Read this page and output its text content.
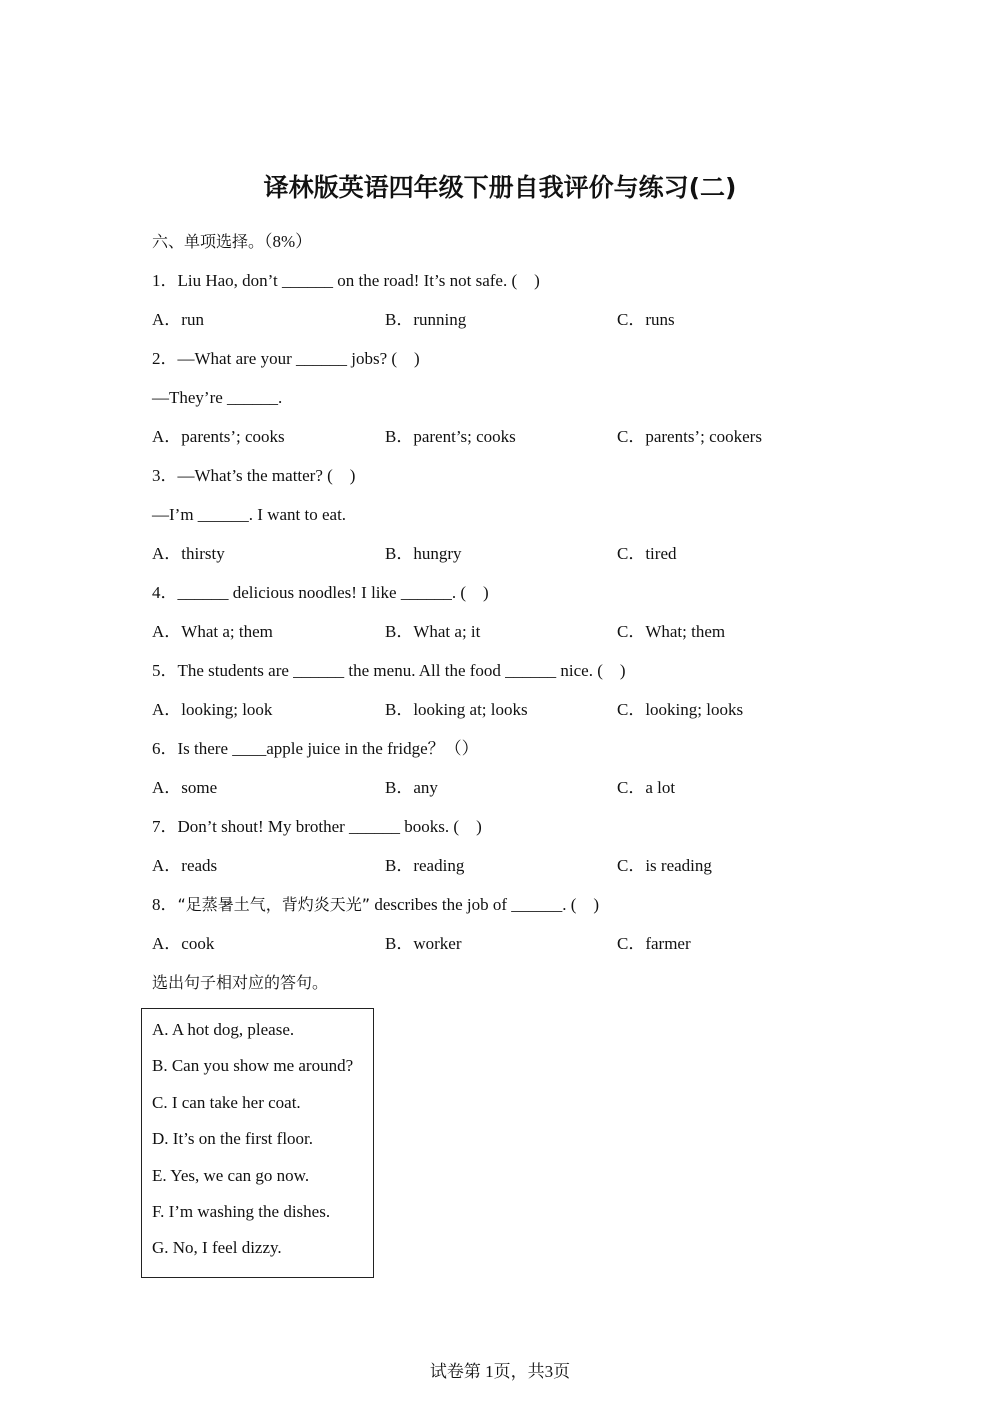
译林版英语四年级下册自我评价与练习(二)
六、单项选择。（8%）
1．Liu Hao, don’t ______ on the road! It’s not safe. (    )
A．run	B．running	C．runs
2．—What are your ______ jobs? (    )
—They’re ______.
A．parents’; cooks	B．parent’s; cooks	C．parents’; cookers
3．—What’s the matter? (    )
—I’m ______. I want to eat.
A．thirsty	B．hungry	C．tired
4．______ delicious noodles! I like ______. (    )
A．What a; them	B．What a; it	C．What; them
5．The students are ______ the menu. All the food ______ nice. (    )
A．looking; look	B．looking at; looks	C．looking; looks
6．Is there ____apple juice in the fridge？（）
A．some	B．any	C．a lot
7．Don’t shout! My brother ______ books. (    )
A．reads	B．reading	C．is reading
8．“足蒸暑土气，背灼炎天光” describes the job of ______. (    )
A．cook	B．worker	C．farmer
选出句子相对应的答句。
A. A hot dog, please.
B. Can you show me around?
C. I can take her coat.
D. It’s on the first floor.
E. Yes, we can go now.
F. I’m washing the dishes.
G. No, I feel dizzy.
试卷第 1页，共3页
